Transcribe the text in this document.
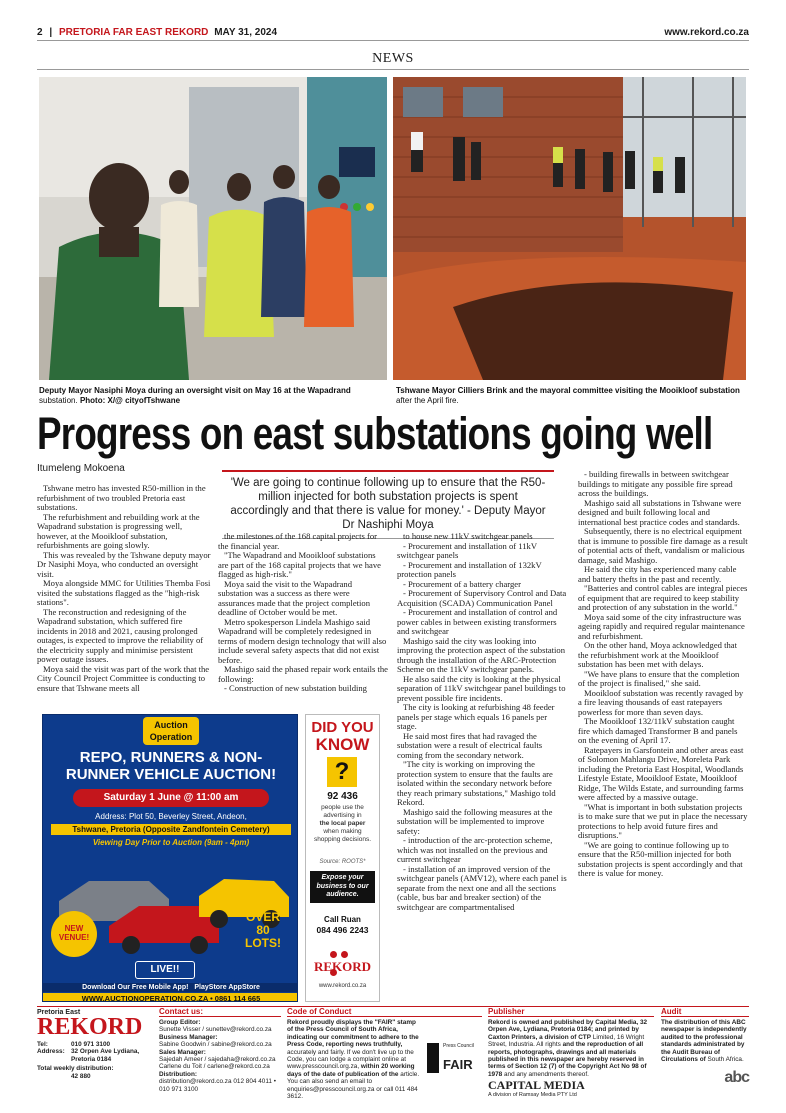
2 | PRETORIA FAR EAST REKORD MAY 31, 2024	www.rekord.co.za
NEWS
Deputy Mayor Nasiphi Moya during an oversight visit on May 16 at the Wapadrand
substation. Photo: X/@ cityofTshwane
Tshwane Mayor Cilliers Brink and the mayoral committee visiting the Mooikloof substation
after the April fire.
Progress on east substations going well
Itumeleng Mokoena
'We are going to continue following up to ensure that the R50-million injected for both substation projects is spent accordingly and that there is value for money.' - Deputy Mayor Dr Nashiphi Moya

Tshwane metro has invested R50-million in the refurbishment of two troubled Pretoria east substations.

The refurbishment and rebuilding work at the Wapadrand substation is progressing well, however, at the Mooikloof substation, refurbishments are going slowly.

This was revealed by the Tshwane deputy mayor Dr Nasiphi Moya, who conducted an oversight visit.

Moya alongside MMC for Utilities Themba Fosi visited the substations flagged as the "high-risk stations".

The reconstruction and redesigning of the Wapadrand substation, which suffered fire incidents in 2018 and 2021, causing prolonged outages, is expected to improve the reliability of the electricity supply and minimise persistent power outage issues.

Moya said the visit was part of the work that the City Council Project Committee is conducting to ensure that Tshwane meets all

the milestones of the 168 capital projects for the financial year.

"The Wapadrand and Mooikloof substations are part of the 168 capital projects that we have flagged as high-risk."

Moya said the visit to the Wapadrand substation was a success as there were assurances made that the project completion deadline of October would be met.

Metro spokesperson Lindela Mashigo said Wapadrand will be completely redesigned in terms of modern design technology that will also include several safety aspects that did not exist before.

Mashigo said the phased repair work entails the following:

- Construction of new substation building

to house new 11kV switchgear panels

- Procurement and installation of 11kV switchgear panels

- Procurement and installation of 132kV protection panels

- Procurement of a battery charger

- Procurement of Supervisory Control and Data Acquisition (SCADA) Communication Panel

- Procurement and installation of control and power cables in between existing transformers and switchgear

Mashigo said the city was looking into improving the protection aspect of the substation through the installation of the ARC-Protection Scheme on the 11kV switchgear panels.

He also said the city is looking at the physical separation of 11kV switchgear panel buildings to prevent possible fire incidents.

The city is looking at refurbishing 48 feeder panels per stage which equals 16 panels per stage.

He said most fires that had ravaged the substation were a result of electrical faults coming from the secondary network.

"The city is working on improving the protection system to ensure that the faults are isolated within the secondary network before they reach primary substations," Mashigo told Rekord.

Mashigo said the following measures at the substation will be implemented to improve safety:

- introduction of the arc-protection scheme, which was not installed on the previous and current switchgear

- installation of an improved version of the switchgear panels (AMV12), where each panel is separate from the next one and all the sections (cable, bus bar and breaker section) of the switchgear are compartmentalised

- building firewalls in between switchgear buildings to mitigate any possible fire spread across the buildings.

Mashigo said all substations in Tshwane were designed and built following local and international best practice codes and standards.

Subsequently, there is no electrical equipment that is immune to possible fire damage as a result of potential acts of theft, vandalism or malicious damage, said Mashigo.

He said the city has experienced many cable and battery thefts in the past and recently.

"Batteries and control cables are integral pieces of equipment that are required to keep stability and protection of any substation in the world."

Moya said some of the city infrastructure was ageing rapidly and required regular maintenance and refurbishment.

On the other hand, Moya acknowledged that the refurbishment work at the Mooikloof substation has been met with delays.

"We have plans to ensure that the completion of the project is finalised," she said.

Mooikloof substation was recently ravaged by a fire leaving thousands of east ratepayers powerless for more than seven days.

The Mooikloof 132/11kV substation caught fire which damaged Transformer B and panels on the evening of April 17.

Ratepayers in Garsfontein and other areas east of Solomon Mahlangu Drive, Moreleta Park including the Pretoria East Hospital, Woodlands Lifestyle Estate, Mooikloof Estate, Mooikloof Ridge, The Wilds Estate, and surrounding farms were affected by a massive outage.

"What is important in both substation projects is to make sure that we put in place the necessary protections to help avoid future fires and disruptions."

"We are going to continue following up to ensure that the R50-million injected for both substation projects is spent accordingly and that there is value for money.

Auction
Operation
REPO, RUNNERS & NON-RUNNER VEHICLE AUCTION!
Saturday 1 June @ 11:00 am
Address: Plot 50, Beverley Street, Andeon,
Tshwane, Pretoria (Opposite Zandfontein Cemetery)
Viewing Day Prior to Auction (9am - 4pm)
NEW VENUE!
LIVE!!
OVER
80
LOTS!
Download Our Free Mobile App! PlayStore AppStore
WWW.AUCTIONOPERATION.CO.ZA • 0861 114 665
DID YOU
KNOW
?
92 436
people use the advertising in
the local paper
when making shopping decisions.
Source: ROOTS*
Expose your business to our audience.
Call Ruan
084 496 2243

REKORD
www.rekord.co.za
Pretoria East
REKORD
Tel:	010 971 3100
Address: 32 Orpen Ave Lydiana, Pretoria 0184
Total weekly distribution:
42 880
Contact us:
Group Editor:
Sunette Visser / sunettev@rekord.co.za
Business Manager:
Sabine Goodwin / sabine@rekord.co.za
Sales Manager:
Sajedah Ameer / sajedaha@rekord.co.za Carlene du Toit / carlene@rekord.co.za
Distribution:
distribution@rekord.co.za 012 804 4011 • 010 971 3100
Code of Conduct
Rekord proudly displays the "FAIR" stamp of the Press Council of South Africa, indicating our commitment to adhere to the Press Code, reporting news truthfully, accurately and fairly. If we don't live up to the Code, you can lodge a complaint online at www.presscouncil.org.za, within 20 working days of the date of publication of the article. You can also send an email to enquiries@presscouncil.org.za or call 011 484 3612.
Press Council
FAIR
Publisher
Rekord is owned and published by Capital Media, 32 Orpen Ave, Lydiana, Pretoria 0184; and printed by Caxton Printers, a division of CTP Limited, 16 Wright Street, Industria. All rights and the reproduction of all reports, photographs, drawings and all materials published in this newspaper are hereby reserved in terms of Section 12 (7) of the Copyright Act No 98 of 1978 and any amendments thereof.
CAPITAL MEDIA
A division of Ramsay Media PTY Ltd
Audit
The distribution of this ABC newspaper is independently audited to the professional standards administrated by the Audit Bureau of Circulations of South Africa.
abc
